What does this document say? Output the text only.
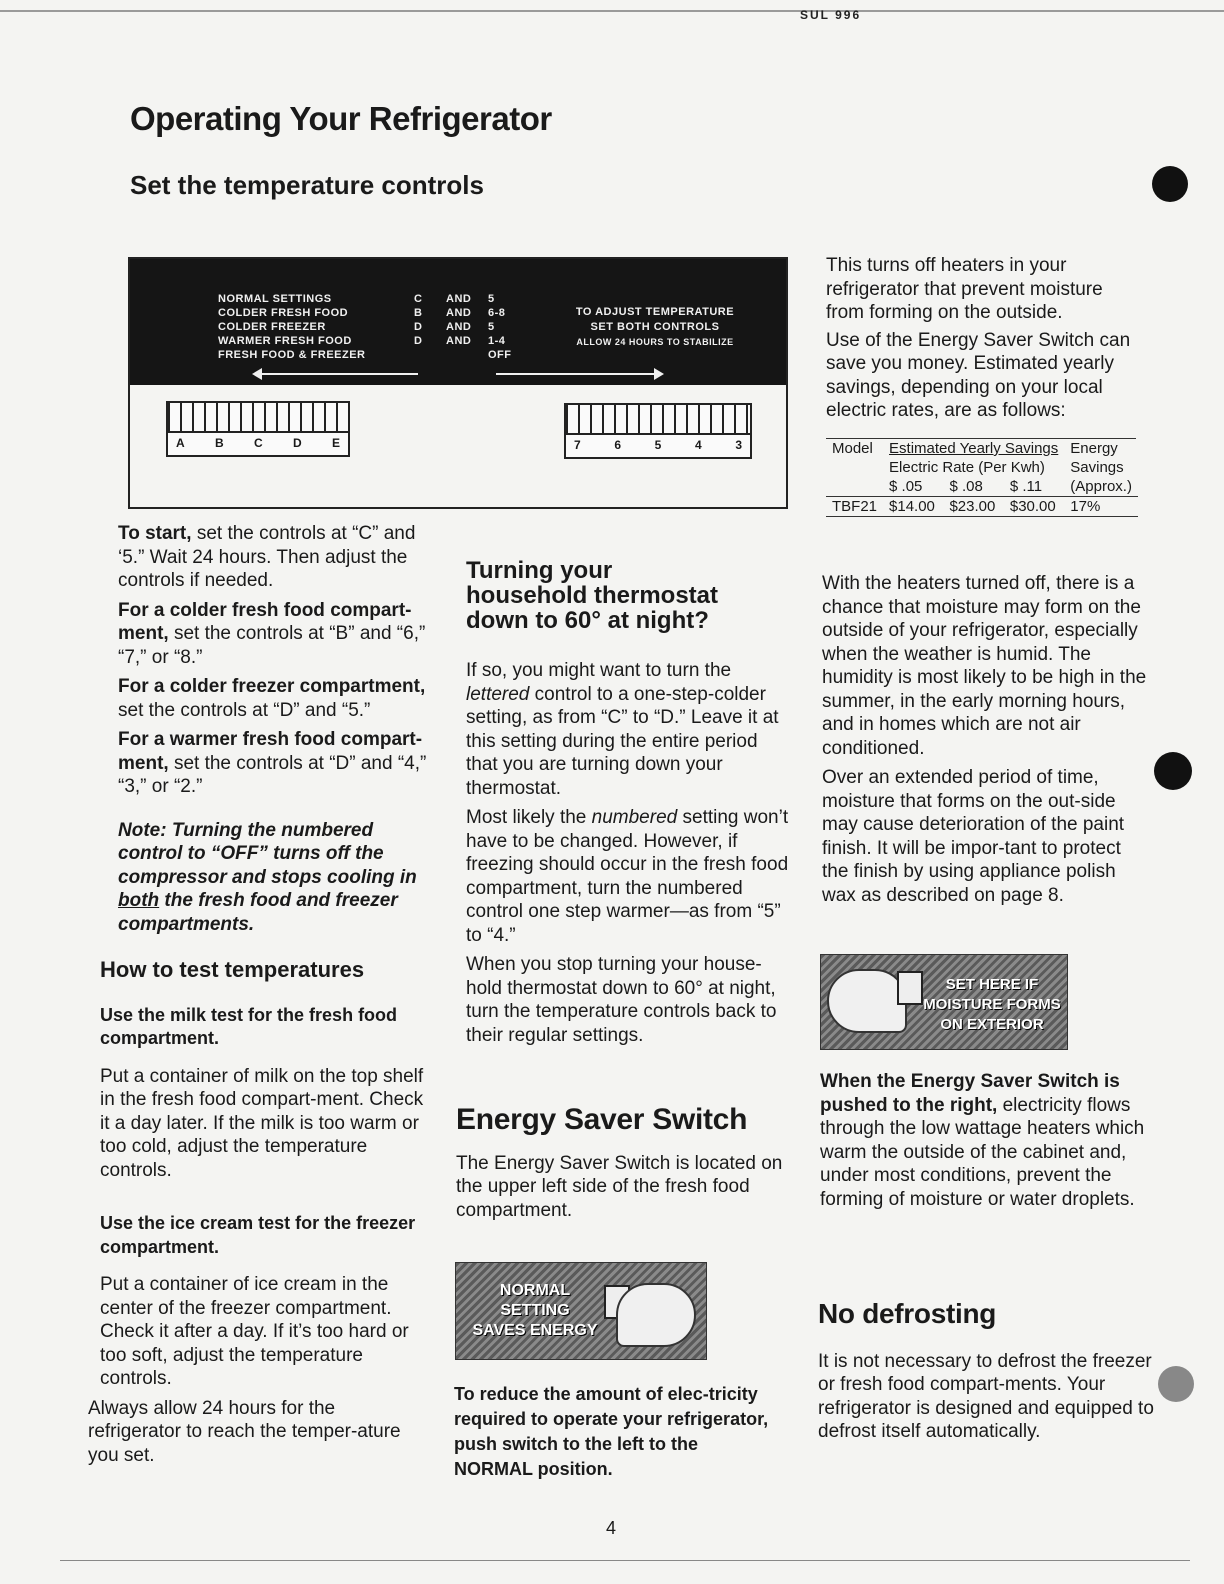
SUL 996
Operating Your Refrigerator
Set the temperature controls
NORMAL SETTINGS	C	AND	5
COLDER FRESH FOOD	B	AND	6-8
COLDER FREEZER	D	AND	5
WARMER FRESH FOOD	D	AND	1-4
FRESH FOOD & FREEZER	OFF
TO ADJUST TEMPERATURE
SET BOTH CONTROLS
ALLOW 24 HOURS TO STABILIZE
A	B	C	D	E	7	6	5	4	3

To start, set the controls at “C” and ‘5.” Wait 24 hours. Then adjust the controls if needed.

For a colder fresh food compart-ment, set the controls at “B” and “6,” “7,” or “8.”

For a colder freezer compartment, set the controls at “D” and “5.”

For a warmer fresh food compart-ment, set the controls at “D” and “4,” “3,” or “2.”

Note: Turning the numbered control to “OFF” turns off the compressor and stops cooling in both the fresh food and freezer compartments.

How to test temperatures

Use the milk test for the fresh food compartment.

Put a container of milk on the top shelf in the fresh food compart-ment. Check it a day later. If the milk is too warm or too cold, adjust the temperature controls.

Use the ice cream test for the freezer compartment.

Put a container of ice cream in the center of the freezer compartment. Check it after a day. If it’s too hard or too soft, adjust the temperature controls.

Always allow 24 hours for the refrigerator to reach the temper-ature you set.

Turning your household thermostat down to 60° at night?

If so, you might want to turn the lettered control to a one-step-colder setting, as from “C” to “D.” Leave it at this setting during the entire period that you are turning down your thermostat.

Most likely the numbered setting won’t have to be changed. However, if freezing should occur in the fresh food compartment, turn the numbered control one step warmer—as from “5” to “4.”

When you stop turning your house-hold thermostat down to 60° at night, turn the temperature controls back to their regular settings.

Energy Saver Switch

The Energy Saver Switch is located on the upper left side of the fresh food compartment.

NORMAL
SETTING
SAVES ENERGY

To reduce the amount of elec-tricity required to operate your refrigerator, push switch to the left to the NORMAL position.

This turns off heaters in your refrigerator that prevent moisture from forming on the outside.

Use of the Energy Saver Switch can save you money. Estimated yearly savings, depending on your local electric rates, are as follows:

Model	Estimated Yearly Savings			Energy
	Electric Rate (Per Kwh)			Savings
	$ .05	$ .08	$ .11	(Approx.)
TBF21	$14.00	$23.00	$30.00	17%

With the heaters turned off, there is a chance that moisture may form on the outside of your refrigerator, especially when the weather is humid. The humidity is most likely to be high in the summer, in the early morning hours, and in homes which are not air conditioned.

Over an extended period of time, moisture that forms on the out-side may cause deterioration of the paint finish. It will be impor-tant to protect the finish by using appliance polish wax as described on page 8.

SET HERE IF
MOISTURE FORMS
ON EXTERIOR

When the Energy Saver Switch is pushed to the right, electricity flows through the low wattage heaters which warm the outside of the cabinet and, under most conditions, prevent the forming of moisture or water droplets.

No defrosting

It is not necessary to defrost the freezer or fresh food compart-ments. Your refrigerator is designed and equipped to defrost itself automatically.

4
